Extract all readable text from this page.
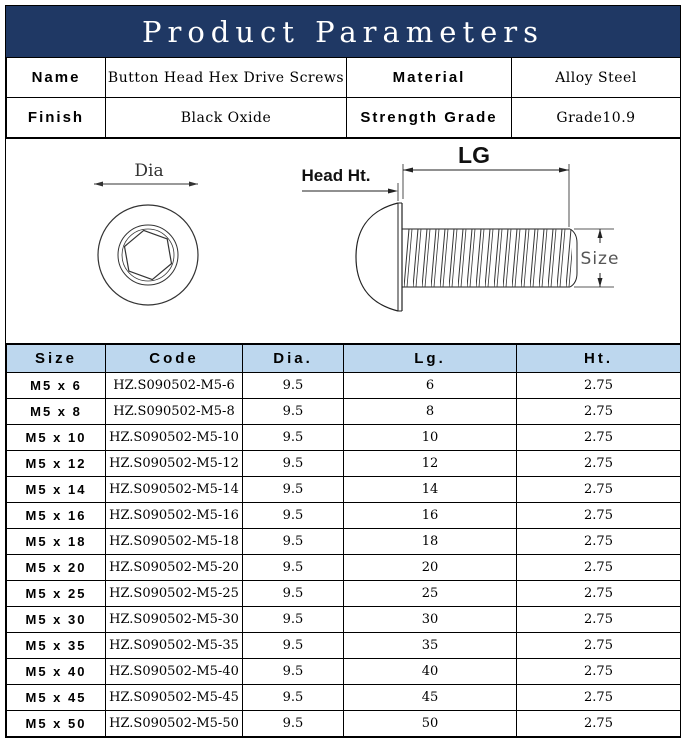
Product Parameters
Name	Button Head Hex Drive Screws	Material	Alloy Steel
Finish	Black Oxide	Strength Grade	Grade10.9
Dia
LG
Head Ht.
Size
Size	Code	Dia.	Lg.	Ht.
M5 x 6	HZ.S090502-M5-6	9.5	6	2.75
M5 x 8	HZ.S090502-M5-8	9.5	8	2.75
M5 x 10	HZ.S090502-M5-10	9.5	10	2.75
M5 x 12	HZ.S090502-M5-12	9.5	12	2.75
M5 x 14	HZ.S090502-M5-14	9.5	14	2.75
M5 x 16	HZ.S090502-M5-16	9.5	16	2.75
M5 x 18	HZ.S090502-M5-18	9.5	18	2.75
M5 x 20	HZ.S090502-M5-20	9.5	20	2.75
M5 x 25	HZ.S090502-M5-25	9.5	25	2.75
M5 x 30	HZ.S090502-M5-30	9.5	30	2.75
M5 x 35	HZ.S090502-M5-35	9.5	35	2.75
M5 x 40	HZ.S090502-M5-40	9.5	40	2.75
M5 x 45	HZ.S090502-M5-45	9.5	45	2.75
M5 x 50	HZ.S090502-M5-50	9.5	50	2.75
